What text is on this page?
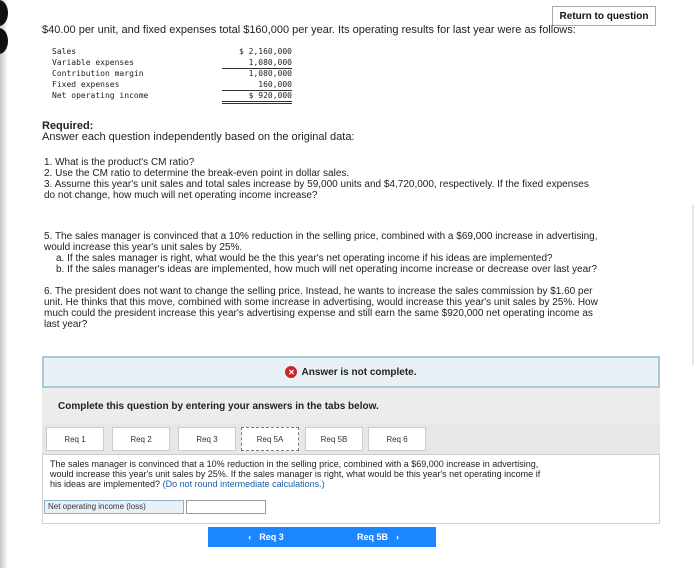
Return to question
$40.00 per unit, and fixed expenses total $160,000 per year. Its operating results for last year were as follows:
Sales	$ 2,160,000
Variable expenses	1,080,000
Contribution margin	1,080,000
Fixed expenses	160,000
Net operating income	$ 920,000
Required:
Answer each question independently based on the original data:
1. What is the product's CM ratio?
2. Use the CM ratio to determine the break-even point in dollar sales.
3. Assume this year's unit sales and total sales increase by 59,000 units and $4,720,000, respectively. If the fixed expenses
do not change, how much will net operating income increase?
5. The sales manager is convinced that a 10% reduction in the selling price, combined with a $69,000 increase in advertising,
would increase this year's unit sales by 25%.
a. If the sales manager is right, what would be the this year's net operating income if his ideas are implemented?
b. If the sales manager's ideas are implemented, how much will net operating income increase or decrease over last year?
6. The president does not want to change the selling price. Instead, he wants to increase the sales commission by $1.60 per
unit. He thinks that this move, combined with some increase in advertising, would increase this year's unit sales by 25%. How
much could the president increase this year's advertising expense and still earn the same $920,000 net operating income as
last year?
✕ Answer is not complete.
Complete this question by entering your answers in the tabs below.
Req 1	Req 2	Req 3	Req 5A	Req 5B	Req 6
The sales manager is convinced that a 10% reduction in the selling price, combined with a $69,000 increase in advertising,
would increase this year's unit sales by 25%. If the sales manager is right, what would be this year's net operating income if
his ideas are implemented? (Do not round intermediate calculations.)
Net operating income (loss)
‹ Req 3	Req 5B ›
